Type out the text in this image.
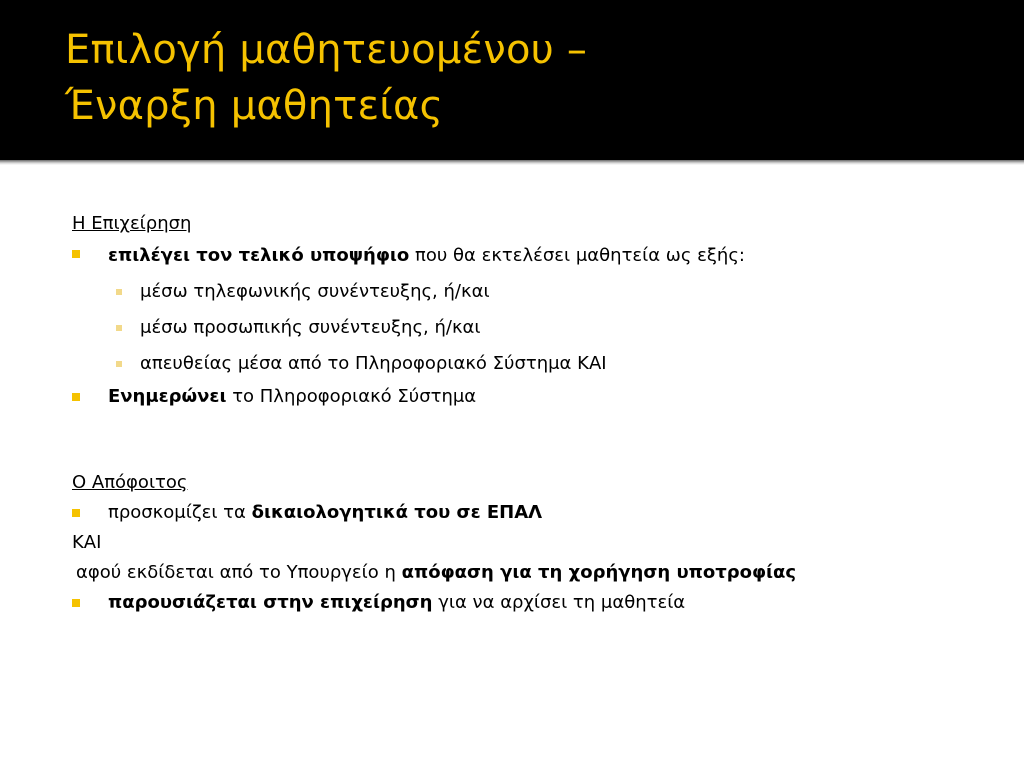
Επιλογή μαθητευομένου –
Έναρξη μαθητείας
Η Επιχείρηση
επιλέγει τον τελικό υποψήφιο που θα εκτελέσει μαθητεία ως εξής:
μέσω τηλεφωνικής συνέντευξης, ή/και
μέσω προσωπικής συνέντευξης, ή/και
απευθείας μέσα από το Πληροφοριακό Σύστημα ΚΑΙ
Ενημερώνει το Πληροφοριακό Σύστημα
Ο Απόφοιτος
προσκομίζει τα δικαιολογητικά του σε ΕΠΑΛ
ΚΑΙ
αφού εκδίδεται από το Υπουργείο η απόφαση για τη χορήγηση υποτροφίας
παρουσιάζεται στην επιχείρηση για να αρχίσει τη μαθητεία
